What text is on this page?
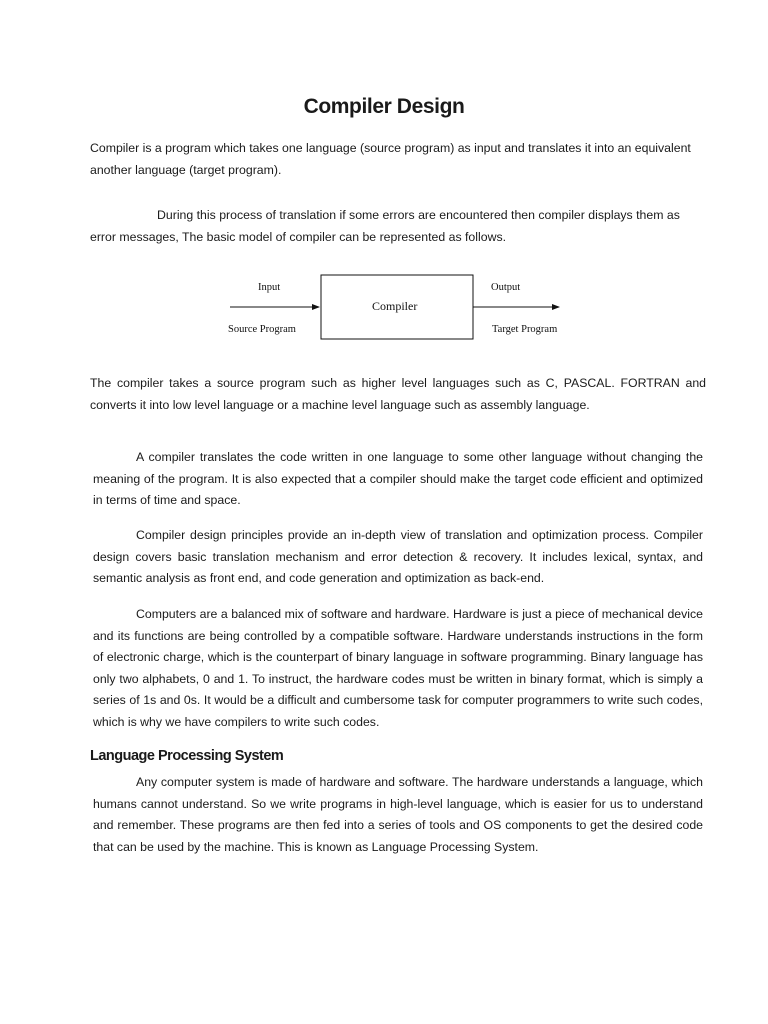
Compiler Design

Compiler is a program which takes one language (source program) as input and translates it into an equivalent another language (target program).

During this process of translation if some errors are encountered then compiler displays them as error messages, The basic model of compiler can be represented as follows.

Input
Source Program
Compiler
Output
Target Program

The compiler takes a source program such as higher level languages such as C, PASCAL. FORTRAN and converts it into low level language or a machine level language such as assembly language.

A compiler translates the code written in one language to some other language without changing the meaning of the program. It is also expected that a compiler should make the target code efficient and optimized in terms of time and space.

Compiler design principles provide an in-depth view of translation and optimization process. Compiler design covers basic translation mechanism and error detection & recovery. It includes lexical, syntax, and semantic analysis as front end, and code generation and optimization as back-end.

Computers are a balanced mix of software and hardware. Hardware is just a piece of mechanical device and its functions are being controlled by a compatible software. Hardware understands instructions in the form of electronic charge, which is the counterpart of binary language in software programming. Binary language has only two alphabets, 0 and 1. To instruct, the hardware codes must be written in binary format, which is simply a series of 1s and 0s. It would be a difficult and cumbersome task for computer programmers to write such codes, which is why we have compilers to write such codes.

Language Processing System

Any computer system is made of hardware and software. The hardware understands a language, which humans cannot understand. So we write programs in high-level language, which is easier for us to understand and remember. These programs are then fed into a series of tools and OS components to get the desired code that can be used by the machine. This is known as Language Processing System.
